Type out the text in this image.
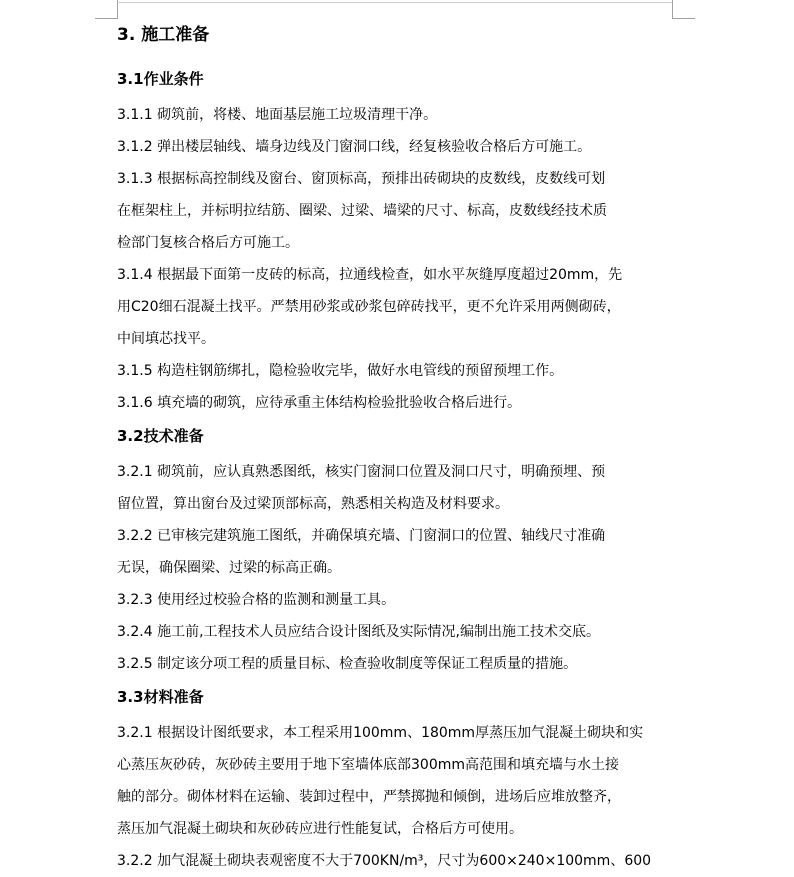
3. 施工准备
3.1作业条件
3.1.1 砌筑前，将楼、地面基层施工垃圾清理干净。
3.1.2 弹出楼层轴线、墙身边线及门窗洞口线，经复核验收合格后方可施工。
3.1.3 根据标高控制线及窗台、窗顶标高，预排出砖砌块的皮数线，皮数线可划
在框架柱上，并标明拉结筋、圈梁、过梁、墙梁的尺寸、标高，皮数线经技术质
检部门复核合格后方可施工。
3.1.4 根据最下面第一皮砖的标高，拉通线检查，如水平灰缝厚度超过20mm，先
用C20细石混凝土找平。严禁用砂浆或砂浆包碎砖找平，更不允许采用两侧砌砖，
中间填芯找平。
3.1.5 构造柱钢筋绑扎，隐检验收完毕，做好水电管线的预留预埋工作。
3.1.6 填充墙的砌筑，应待承重主体结构检验批验收合格后进行。
3.2技术准备
3.2.1 砌筑前，应认真熟悉图纸，核实门窗洞口位置及洞口尺寸，明确预埋、预
留位置，算出窗台及过梁顶部标高，熟悉相关构造及材料要求。
3.2.2 已审核完建筑施工图纸，并确保填充墙、门窗洞口的位置、轴线尺寸准确
无误，确保圈梁、过梁的标高正确。
3.2.3 使用经过校验合格的监测和测量工具。
3.2.4 施工前,工程技术人员应结合设计图纸及实际情况,编制出施工技术交底。
3.2.5 制定该分项工程的质量目标、检查验收制度等保证工程质量的措施。
3.3材料准备
3.2.1 根据设计图纸要求，本工程采用100mm、180mm厚蒸压加气混凝土砌块和实
心蒸压灰砂砖，灰砂砖主要用于地下室墙体底部300mm高范围和填充墙与水土接
触的部分。砌体材料在运输、装卸过程中，严禁掷抛和倾倒，进场后应堆放整齐，
蒸压加气混凝土砌块和灰砂砖应进行性能复试，合格后方可使用。
3.2.2 加气混凝土砌块表观密度不大于700KN/m³，尺寸为600×240×100mm、600
